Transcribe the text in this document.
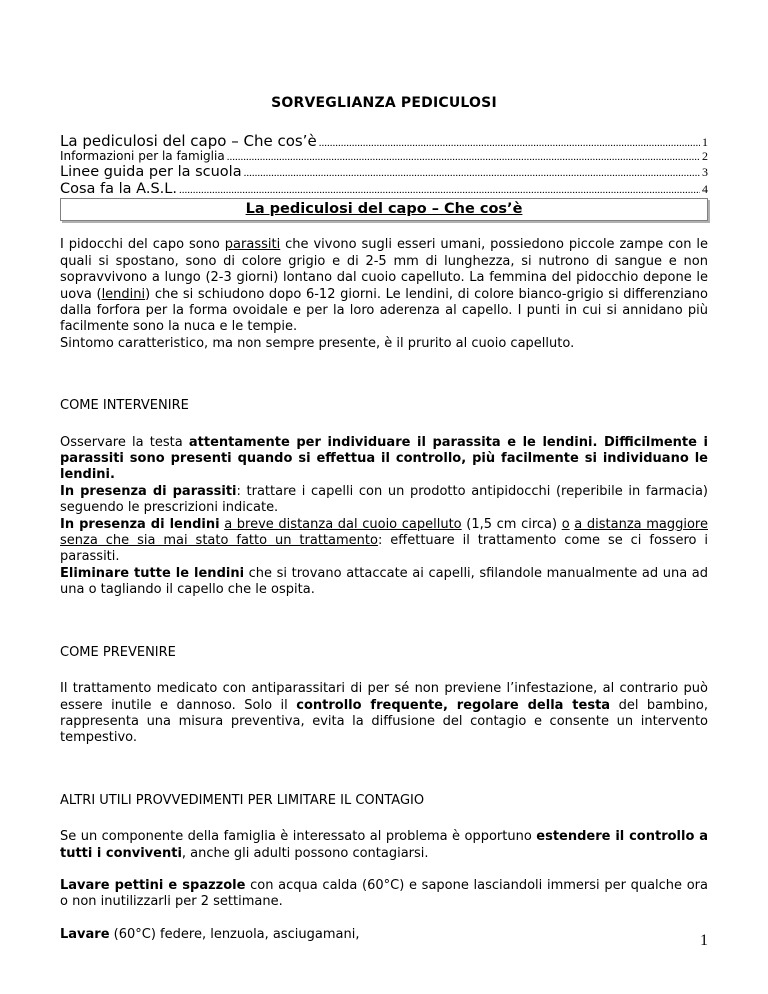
SORVEGLIANZA PEDICULOSI
La pediculosi del capo – Che cos’è .....	1
Informazioni per la famiglia .....	2
Linee guida per la scuola .....	3
Cosa fa la A.S.L. .....	4
La pediculosi del capo – Che cos’è

I pidocchi del capo sono parassiti che vivono sugli esseri umani, possiedono piccole zampe con le quali si spostano, sono di colore grigio e di 2-5 mm di lunghezza, si nutrono di sangue e non sopravvivono a lungo (2-3 giorni) lontano dal cuoio capelluto. La femmina del pidocchio depone le uova (lendini) che si schiudono dopo 6-12 giorni. Le lendini, di colore bianco-grigio si differenziano dalla forfora per la forma ovoidale e per la loro aderenza al capello. I punti in cui si annidano più facilmente sono la nuca e le tempie.

Sintomo caratteristico, ma non sempre presente, è il prurito al cuoio capelluto.

COME INTERVENIRE

Osservare la testa attentamente per individuare il parassita e le lendini. Difficilmente i parassiti sono presenti quando si effettua il controllo, più facilmente si individuano le lendini.

In presenza di parassiti: trattare i capelli con un prodotto antipidocchi (reperibile in farmacia) seguendo le prescrizioni indicate.

In presenza di lendini a breve distanza dal cuoio capelluto (1,5 cm circa) o a distanza maggiore senza che sia mai stato fatto un trattamento: effettuare il trattamento come se ci fossero i parassiti.

Eliminare tutte le lendini che si trovano attaccate ai capelli, sfilandole manualmente ad una ad una o tagliando il capello che le ospita.

COME PREVENIRE

Il trattamento medicato con antiparassitari di per sé non previene l’infestazione, al contrario può essere inutile e dannoso. Solo il controllo frequente, regolare della testa del bambino, rappresenta una misura preventiva, evita la diffusione del contagio e consente un intervento tempestivo.

ALTRI UTILI PROVVEDIMENTI PER LIMITARE IL CONTAGIO

Se un componente della famiglia è interessato al problema è opportuno estendere il controllo a tutti i conviventi, anche gli adulti possono contagiarsi.

Lavare pettini e spazzole con acqua calda (60°C) e sapone lasciandoli immersi per qualche ora o non inutilizzarli per 2 settimane.

Lavare (60°C) federe, lenzuola, asciugamani,	1
